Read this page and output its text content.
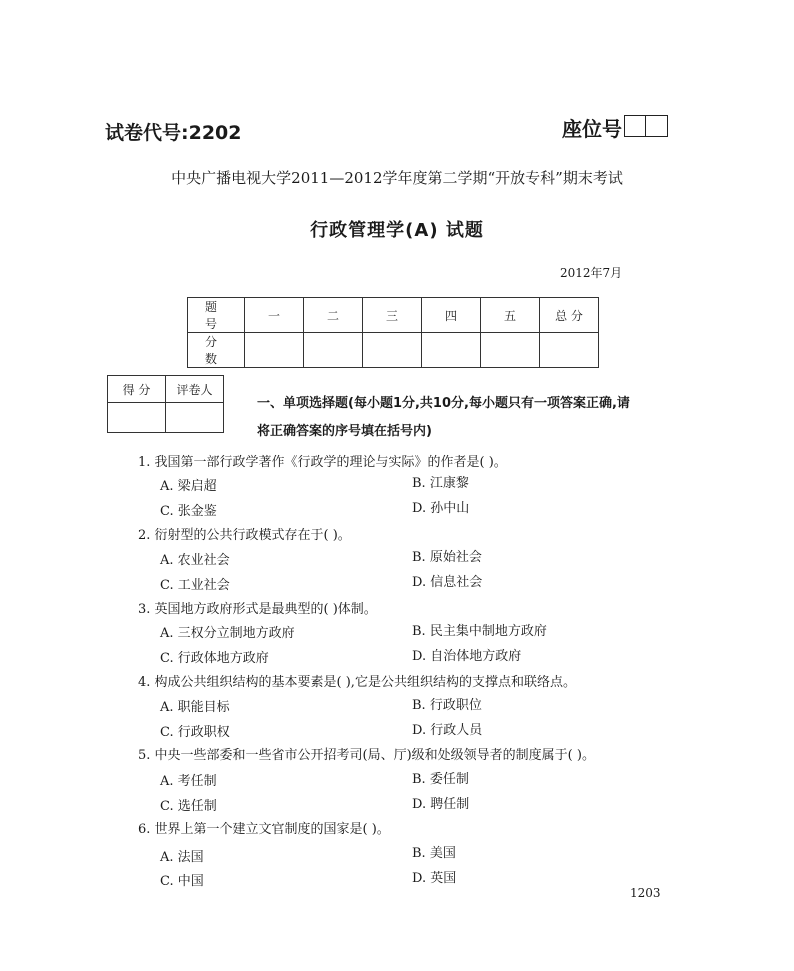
试卷代号:2202	座位号
中央广播电视大学2011—2012学年度第二学期“开放专科”期末考试
行政管理学(A) 试题
2012年7月
题 号	一	二	三	四	五	总 分
分 数						
得 分	评卷人

一、单项选择题(每小题1分,共10分,每小题只有一项答案正确,请
将正确答案的序号填在括号内)
1. 我国第一部行政学著作《行政学的理论与实际》的作者是( )。
A. 梁启超	B. 江康黎
C. 张金鉴	D. 孙中山
2. 衍射型的公共行政模式存在于( )。
A. 农业社会	B. 原始社会
C. 工业社会	D. 信息社会
3. 英国地方政府形式是最典型的( )体制。
A. 三权分立制地方政府	B. 民主集中制地方政府
C. 行政体地方政府	D. 自治体地方政府
4. 构成公共组织结构的基本要素是( ),它是公共组织结构的支撑点和联络点。
A. 职能目标	B. 行政职位
C. 行政职权	D. 行政人员
5. 中央一些部委和一些省市公开招考司(局、厅)级和处级领导者的制度属于( )。
A. 考任制	B. 委任制
C. 选任制	D. 聘任制
6. 世界上第一个建立文官制度的国家是( )。
A. 法国	B. 美国
C. 中国	D. 英国
1203
